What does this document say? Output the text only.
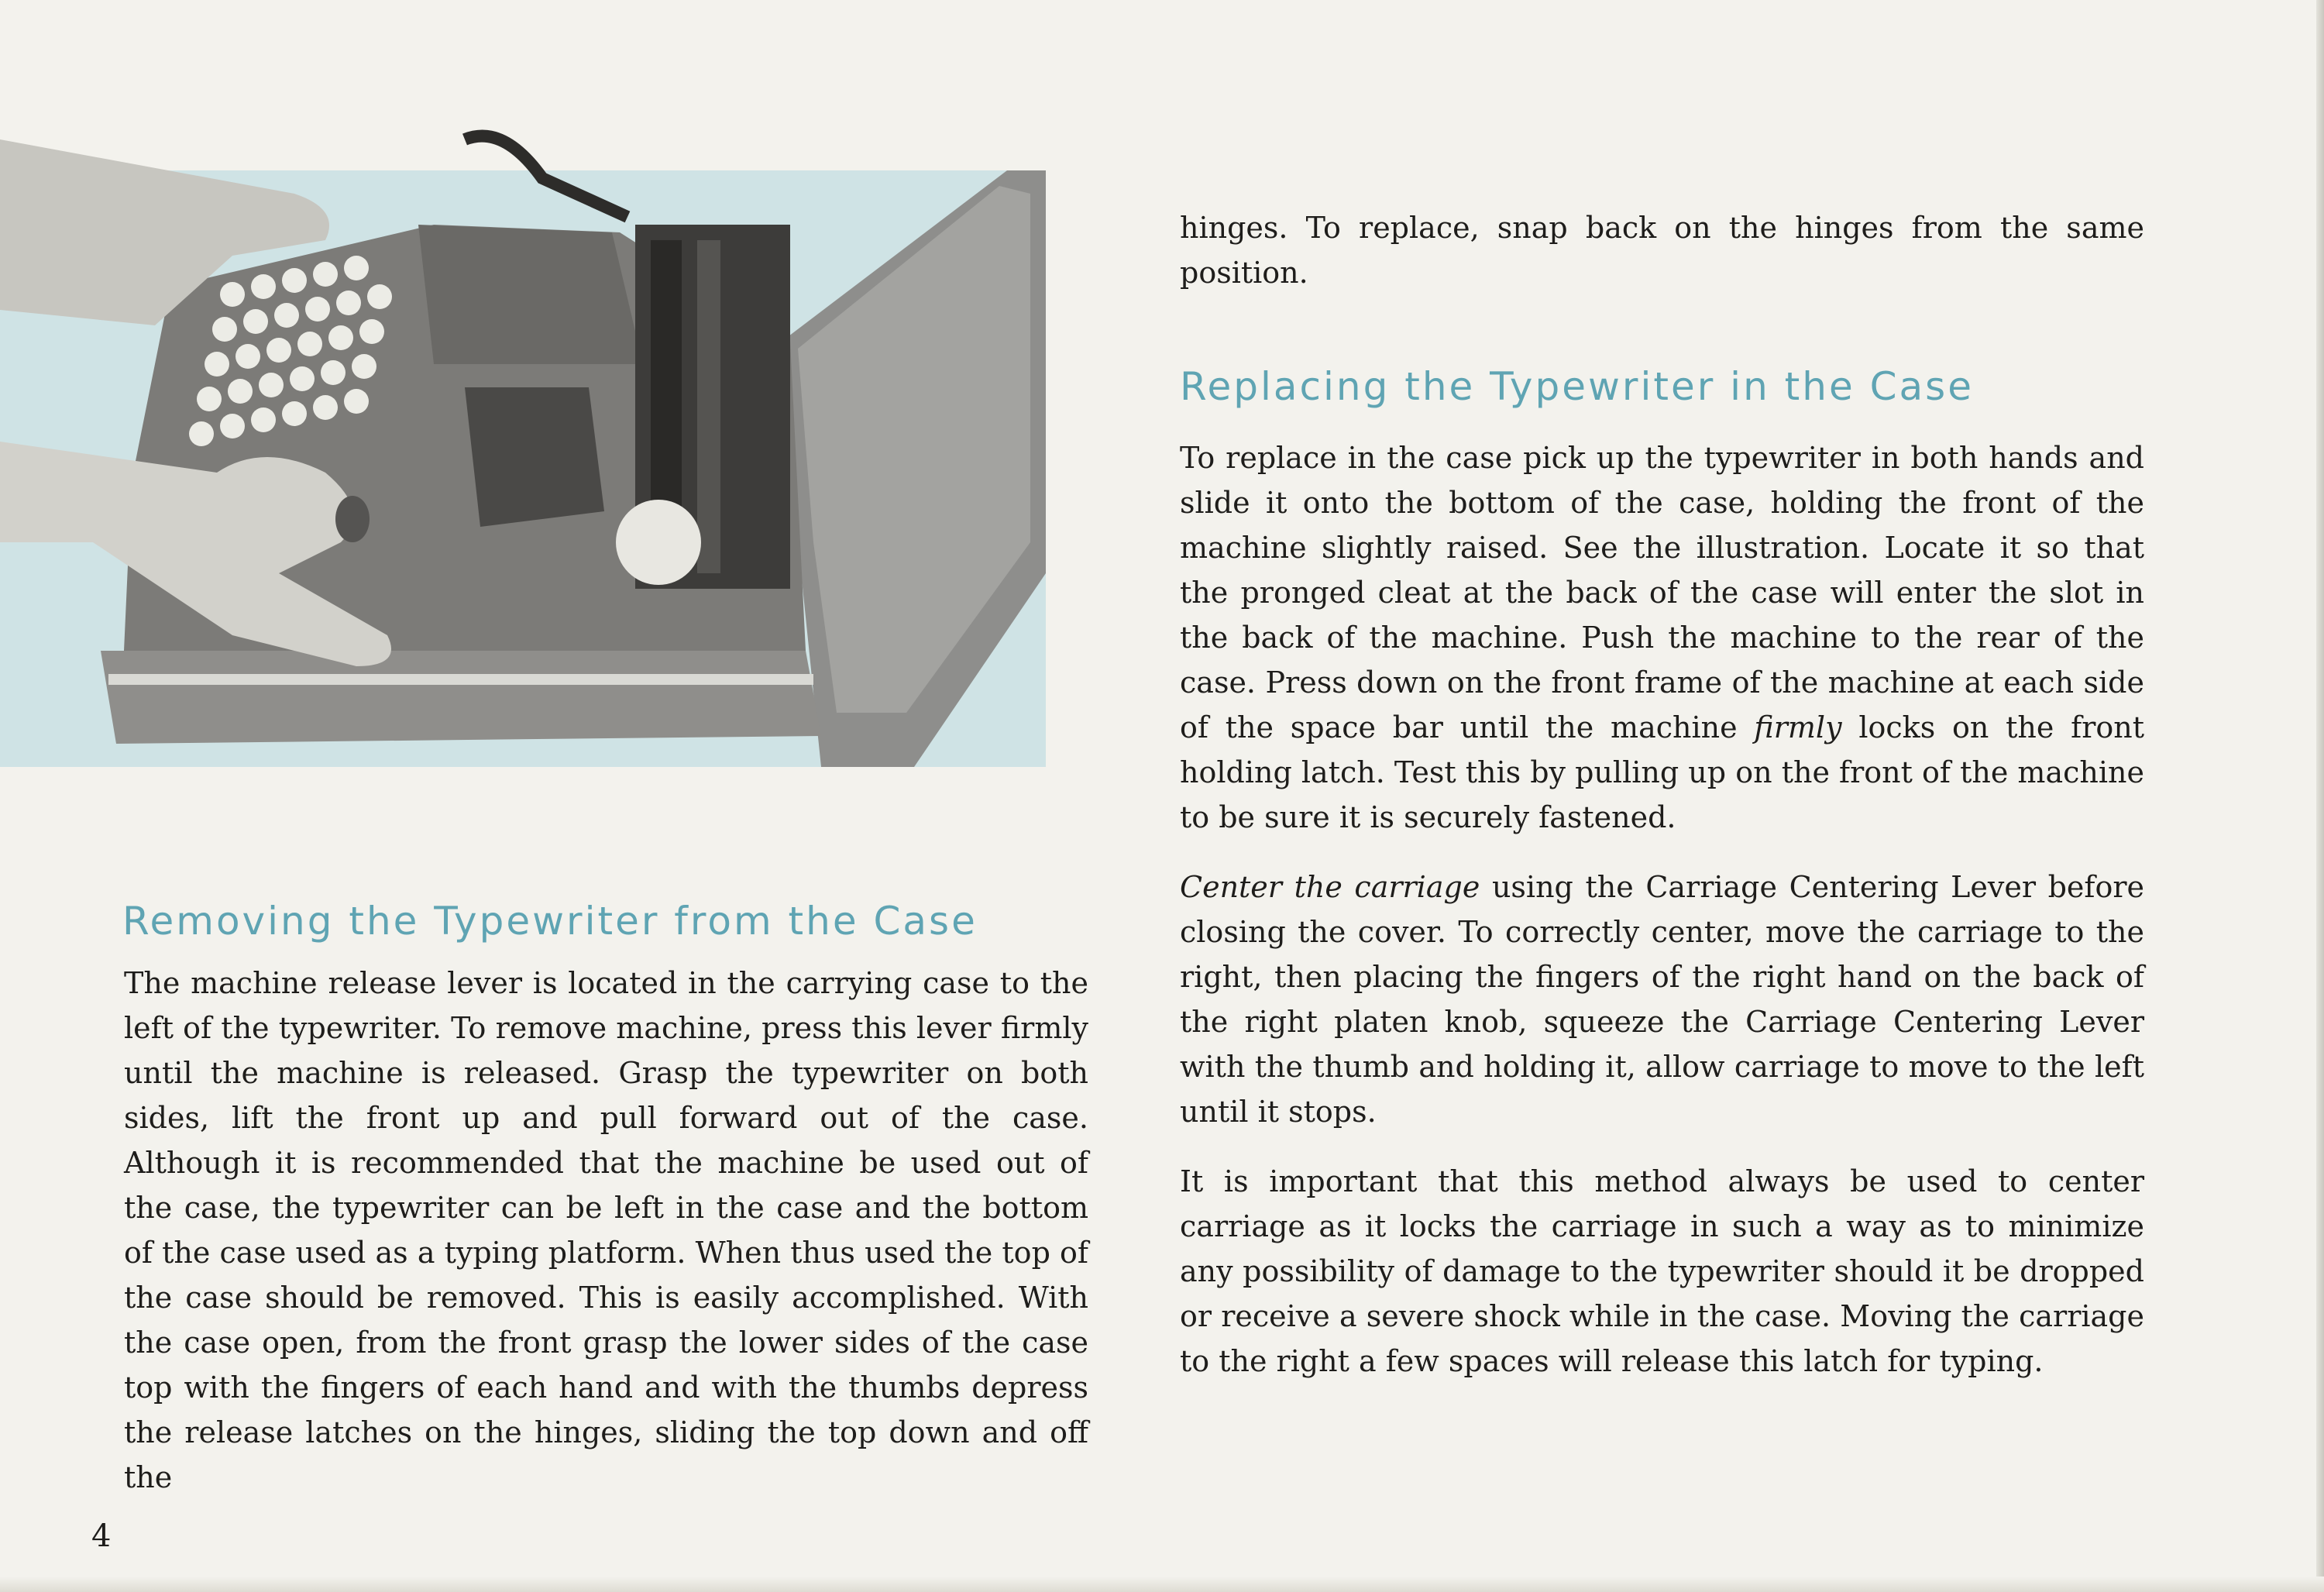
Removing the Typewriter from the Case

The machine release lever is located in the carrying case to the left of the typewriter. To remove machine, press this lever firmly until the machine is released. Grasp the typewriter on both sides, lift the front up and pull forward out of the case. Although it is recommended that the machine be used out of the case, the typewriter can be left in the case and the bottom of the case used as a typing platform. When thus used the top of the case should be removed. This is easily accomplished. With the case open, from the front grasp the lower sides of the case top with the fingers of each hand and with the thumbs depress the release latches on the hinges, sliding the top down and off the

4

hinges. To replace, snap back on the hinges from the same position.

Replacing the Typewriter in the Case

To replace in the case pick up the typewriter in both hands and slide it onto the bottom of the case, holding the front of the machine slightly raised. See the illustration. Locate it so that the pronged cleat at the back of the case will enter the slot in the back of the machine. Push the machine to the rear of the case. Press down on the front frame of the machine at each side of the space bar until the machine firmly locks on the front holding latch. Test this by pulling up on the front of the machine to be sure it is securely fastened.

Center the carriage using the Carriage Centering Lever before closing the cover. To correctly center, move the carriage to the right, then placing the fingers of the right hand on the back of the right platen knob, squeeze the Carriage Centering Lever with the thumb and holding it, allow carriage to move to the left until it stops.

It is important that this method always be used to center carriage as it locks the carriage in such a way as to minimize any possibility of damage to the typewriter should it be dropped or receive a severe shock while in the case. Moving the carriage to the right a few spaces will release this latch for typing.
